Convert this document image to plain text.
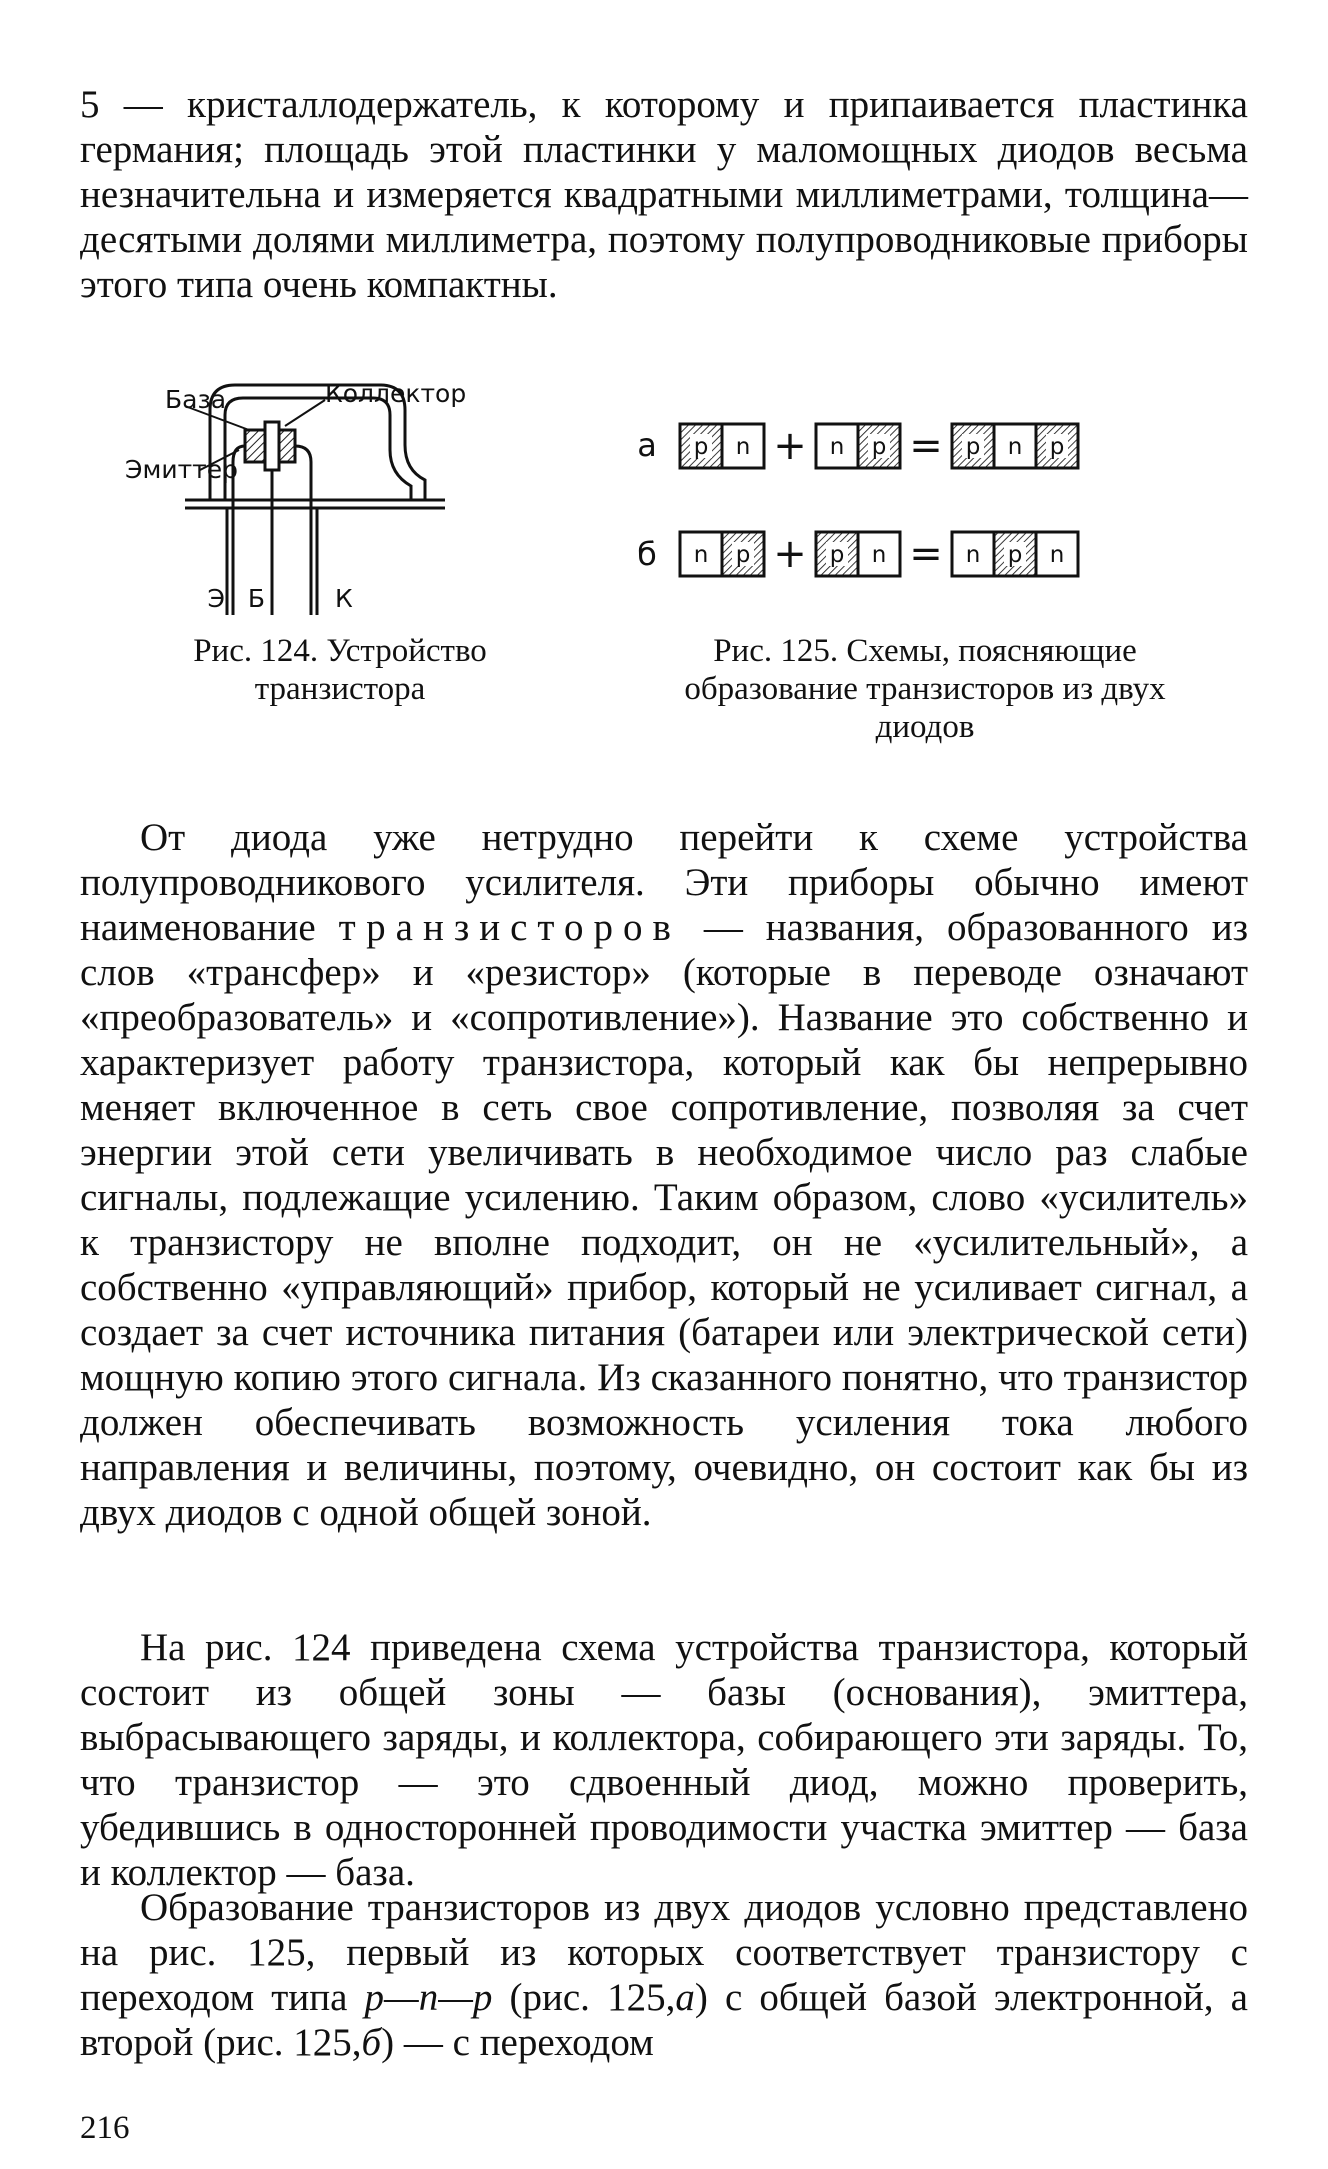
5 — кристаллодержатель, к которому и припаивается пластинка германия; площадь этой пластинки у маломощных диодов весьма незначительна и измеряется квадратными миллиметрами, толщина—десятыми долями миллиметра, поэтому полупроводниковые приборы этого типа очень компактны.

База	Коллектор
Эмиттер
Э Б	К

Рис. 124. Устройство
транзистора

а
б
p n + n p = p n p
n p + p n = n p n

Рис. 125. Схемы, поясняющие
образование транзисторов из двух
диодов

От диода уже нетрудно перейти к схеме устройства полупроводникового усилителя. Эти приборы обычно имеют наименование транзисторов — названия, образованного из слов «трансфер» и «резистор» (которые в переводе означают «преобразователь» и «сопротивление»). Название это собственно и характеризует работу транзистора, который как бы непрерывно меняет включенное в сеть свое сопротивление, позволяя за счет энергии этой сети увеличивать в необходимое число раз слабые сигналы, подлежащие усилению. Таким образом, слово «усилитель» к транзистору не вполне подходит, он не «усилительный», а собственно «управляющий» прибор, который не усиливает сигнал, а создает за счет источника питания (батареи или электрической сети) мощную копию этого сигнала. Из сказанного понятно, что транзистор должен обеспечивать возможность усиления тока любого направления и величины, поэтому, очевидно, он состоит как бы из двух диодов с одной общей зоной.

На рис. 124 приведена схема устройства транзистора, который состоит из общей зоны — базы (основания), эмиттера, выбрасывающего заряды, и коллектора, собирающего эти заряды. То, что транзистор — это сдвоенный диод, можно проверить, убедившись в односторонней проводимости участка эмиттер — база и коллектор — база.

Образование транзисторов из двух диодов условно представлено на рис. 125, первый из которых соответствует транзистору с переходом типа p—n—p (рис. 125,а) с общей базой электронной, а второй (рис. 125,б) — с переходом

216
